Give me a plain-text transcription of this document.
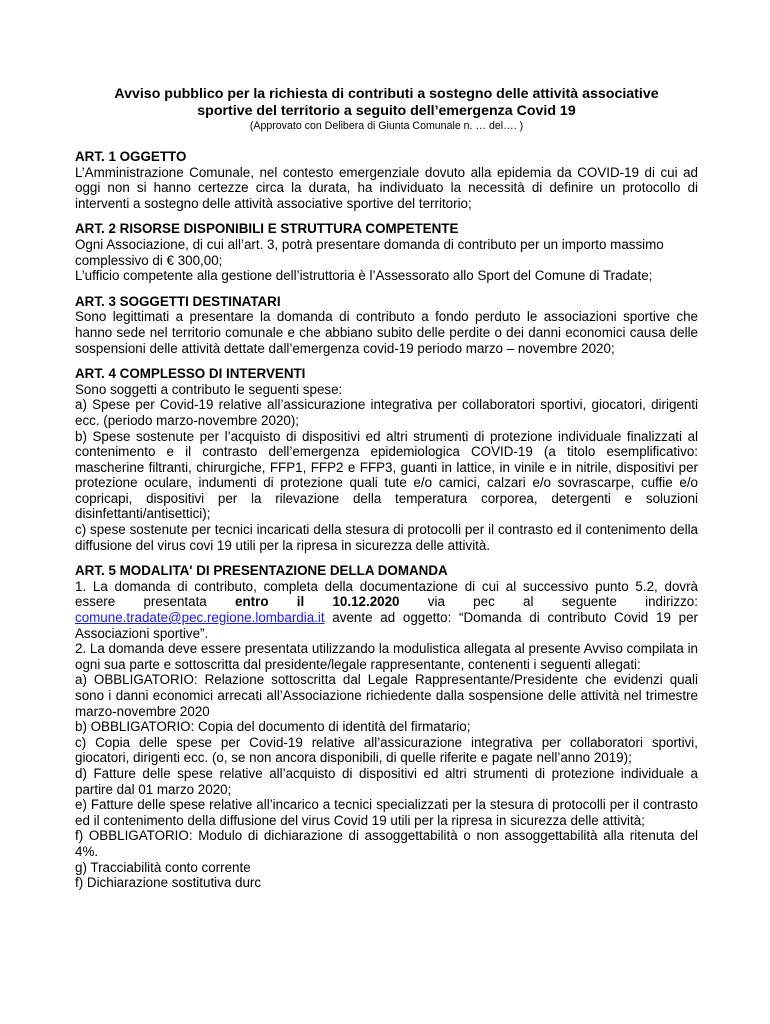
Avviso pubblico per la richiesta di contributi a sostegno delle attività associative
sportive del territorio a seguito dell’emergenza Covid 19
(Approvato con Delibera di Giunta Comunale n. … del…. )

ART. 1 OGGETTO

L’Amministrazione Comunale, nel contesto emergenziale dovuto alla epidemia da COVID-19 di cui ad oggi non si hanno certezze circa la durata, ha individuato la necessità di definire un protocollo di interventi a sostegno delle attività associative sportive del territorio;

ART. 2 RISORSE DISPONIBILI E STRUTTURA COMPETENTE

Ogni Associazione, di cui all’art. 3, potrà presentare domanda di contributo per un importo massimo complessivo di € 300,00;

L’ufficio competente alla gestione dell’istruttoria è l’Assessorato allo Sport del Comune di Tradate;

ART. 3 SOGGETTI DESTINATARI

Sono legittimati a presentare la domanda di contributo a fondo perduto le associazioni sportive che hanno sede nel territorio comunale e che abbiano subito delle perdite o dei danni economici causa delle sospensioni delle attività dettate dall’emergenza covid-19 periodo marzo – novembre 2020;

ART. 4 COMPLESSO DI INTERVENTI

Sono soggetti a contributo le seguenti spese:

a) Spese per Covid-19 relative all’assicurazione integrativa per collaboratori sportivi, giocatori, dirigenti ecc. (periodo marzo-novembre 2020);

b) Spese sostenute per l’acquisto di dispositivi ed altri strumenti di protezione individuale finalizzati al contenimento e il contrasto dell’emergenza epidemiologica COVID-19 (a titolo esemplificativo: mascherine filtranti, chirurgiche, FFP1, FFP2 e FFP3, guanti in lattice, in vinile e in nitrile, dispositivi per protezione oculare, indumenti di protezione quali tute e/o camici, calzari e/o sovrascarpe, cuffie e/o copricapi, dispositivi per la rilevazione della temperatura corporea, detergenti e soluzioni disinfettanti/antisettici);

c) spese sostenute per tecnici incaricati della stesura di protocolli per il contrasto ed il contenimento della diffusione del virus covi 19 utili per la ripresa in sicurezza delle attività.

ART. 5 MODALITA' DI PRESENTAZIONE DELLA DOMANDA

1. La domanda di contributo, completa della documentazione di cui al successivo punto 5.2, dovrà

essere presentata entro il 10.12.2020 via pec al seguente indirizzo:

comune.tradate@pec.regione.lombardia.it avente ad oggetto: “Domanda di contributo Covid 19 per Associazioni sportive”.

2. La domanda deve essere presentata utilizzando la modulistica allegata al presente Avviso compilata in ogni sua parte e sottoscritta dal presidente/legale rappresentante, contenenti i seguenti allegati:

a) OBBLIGATORIO: Relazione sottoscritta dal Legale Rappresentante/Presidente che evidenzi quali sono i danni economici arrecati all’Associazione richiedente dalla sospensione delle attività nel trimestre marzo-novembre 2020

b) OBBLIGATORIO: Copia del documento di identità del firmatario;

c) Copia delle spese per Covid-19 relative all’assicurazione integrativa per collaboratori sportivi, giocatori, dirigenti ecc. (o, se non ancora disponibili, di quelle riferite e pagate nell’anno 2019);

d) Fatture delle spese relative all’acquisto di dispositivi ed altri strumenti di protezione individuale a partire dal 01 marzo 2020;

e) Fatture delle spese relative all’incarico a tecnici specializzati per la stesura di protocolli per il contrasto ed il contenimento della diffusione del virus Covid 19 utili per la ripresa in sicurezza delle attività;

f) OBBLIGATORIO: Modulo di dichiarazione di assoggettabilità o non assoggettabilità alla ritenuta del 4%.

g) Tracciabilità conto corrente

f) Dichiarazione sostitutiva durc
